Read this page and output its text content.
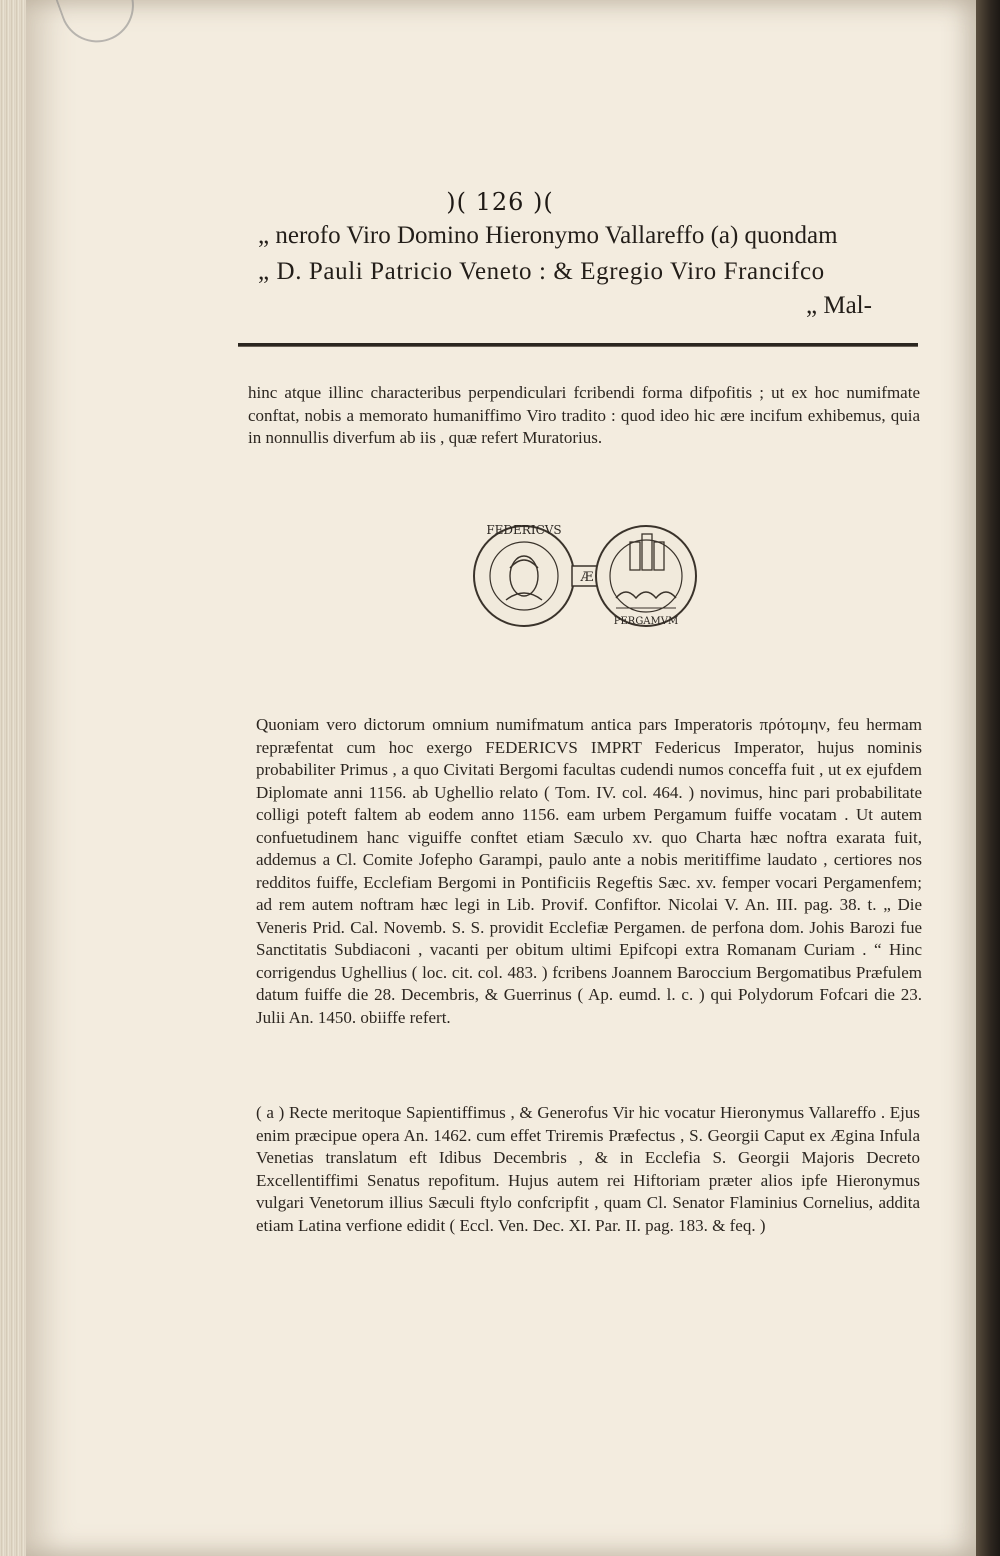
)( 126 )(
„ nerofo Viro Domino Hieronymo Vallareffo (a) quondam
„ D. Pauli Patricio Veneto : & Egregio Viro Francifco
„ Mal-

hinc atque illinc characteribus perpendiculari fcribendi forma difpofitis ; ut ex hoc numifmate conftat, nobis a memorato humaniffimo Viro tradito : quod ideo hic ære incifum exhibemus, quia in nonnullis diverfum ab iis , quæ refert Muratorius.

FEDERICVS
Æ
PERGAMVM

Quoniam vero dictorum omnium numifmatum antica pars Imperatoris πρότομην, feu hermam repræfentat cum hoc exergo FEDERICVS IMPRT Federicus Imperator, hujus nominis probabiliter Primus , a quo Civitati Bergomi facultas cudendi numos conceffa fuit , ut ex ejufdem Diplomate anni 1156. ab Ughellio relato ( Tom. IV. col. 464. ) novimus, hinc pari probabilitate colligi poteft faltem ab eodem anno 1156. eam urbem Pergamum fuiffe vocatam . Ut autem confuetudinem hanc viguiffe conftet etiam Sæculo xv. quo Charta hæc noftra exarata fuit, addemus a Cl. Comite Jofepho Garampi, paulo ante a nobis meritiffime laudato , certiores nos redditos fuiffe, Ecclefiam Bergomi in Pontificiis Regeftis Sæc. xv. femper vocari Pergamenfem; ad rem autem noftram hæc legi in Lib. Provif. Confiftor. Nicolai V. An. III. pag. 38. t. „ Die Veneris Prid. Cal. Novemb. S. S. providit Ecclefiæ Pergamen. de perfona dom. Johis Barozi fue Sanctitatis Subdiaconi , vacanti per obitum ultimi Epifcopi extra Romanam Curiam . “ Hinc corrigendus Ughellius ( loc. cit. col. 483. ) fcribens Joannem Baroccium Bergomatibus Præfulem datum fuiffe die 28. Decembris, & Guerrinus ( Ap. eumd. l. c. ) qui Polydorum Fofcari die 23. Julii An. 1450. obiiffe refert.

( a ) Recte meritoque Sapientiffimus , & Generofus Vir hic vocatur Hieronymus Vallareffo . Ejus enim præcipue opera An. 1462. cum effet Triremis Præfectus , S. Georgii Caput ex Ægina Infula Venetias translatum eft Idibus Decembris , & in Ecclefia S. Georgii Majoris Decreto Excellentiffimi Senatus repofitum. Hujus autem rei Hiftoriam præter alios ipfe Hieronymus vulgari Venetorum illius Sæculi ftylo confcripfit , quam Cl. Senator Flaminius Cornelius, addita etiam Latina verfione edidit ( Eccl. Ven. Dec. XI. Par. II. pag. 183. & feq. )
